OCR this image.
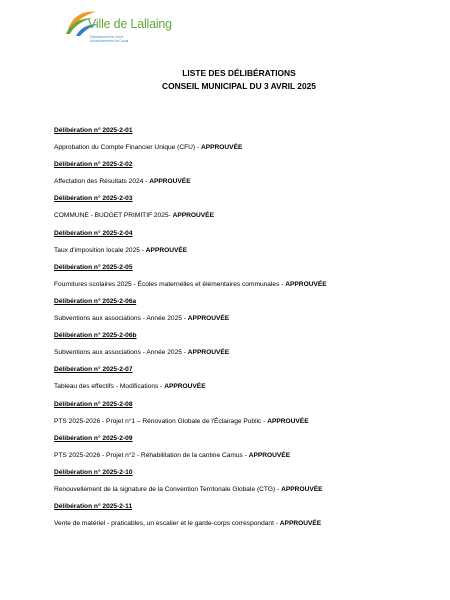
Ville de Lallaing
Département du Nord
Arrondissement de Douai
LISTE DES DÉLIBÉRATIONS
CONSEIL MUNICIPAL DU 3 AVRIL 2025
Délibération n° 2025-2-01
Approbation du Compte Financier Unique (CFU) - APPROUVÉE
Délibération n° 2025-2-02
Affectation des Résultats 2024 - APPROUVÉE
Délibération n° 2025-2-03
COMMUNE - BUDGET PRIMITIF 2025- APPROUVÉE
Délibération n° 2025-2-04
Taux d'imposition locale 2025 - APPROUVÉE
Délibération n° 2025-2-05
Fournitures scolaires 2025 - Écoles maternelles et élémentaires communales - APPROUVÉE
Délibération n° 2025-2-06a
Subventions aux associations - Année 2025 - APPROUVÉE
Délibération n° 2025-2-06b
Subventions aux associations - Année 2025 - APPROUVÉE
Délibération n° 2025-2-07
Tableau des effectifs - Modifications - APPROUVÉE
Délibération n° 2025-2-08
PTS 2025-2026 - Projet n°1 – Rénovation Globale de l'Éclairage Public - APPROUVÉE
Délibération n° 2025-2-09
PTS 2025-2026 - Projet n°2 - Réhabilitation de la cantine Camus - APPROUVÉE
Délibération n° 2025-2-10
Renouvellement de la signature de la Convention Territoriale Globale (CTG) - APPROUVÉE
Délibération n° 2025-2-11
Vente de matériel - praticables, un escalier et le garde-corps correspondant - APPROUVÉE
